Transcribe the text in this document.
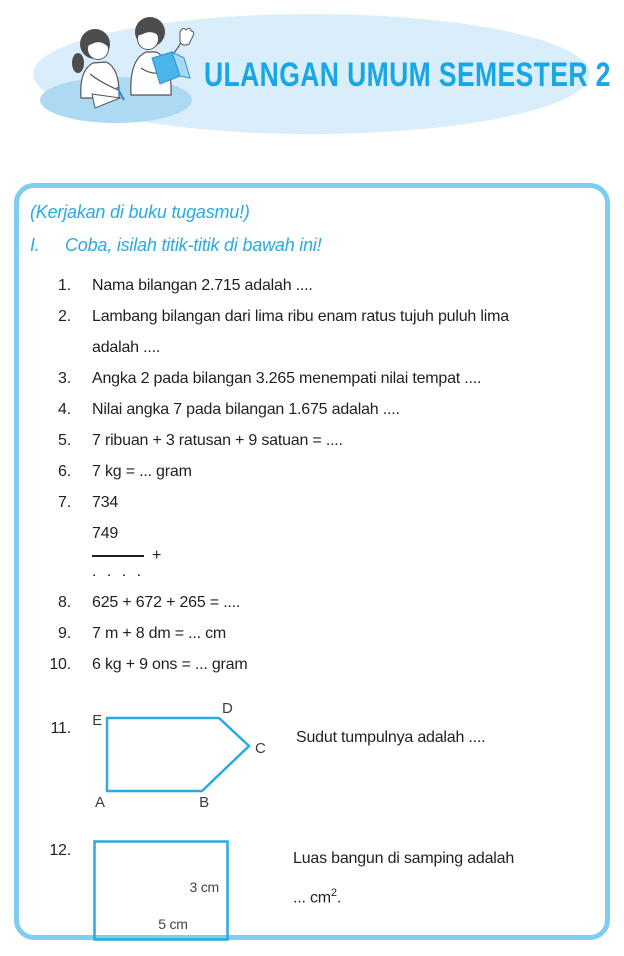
ULANGAN UMUM SEMESTER 2
(Kerjakan di buku tugasmu!)
I.	Coba, isilah titik-titik di bawah ini!
1. Nama bilangan 2.715 adalah ....
2. Lambang bilangan dari lima ribu enam ratus tujuh puluh lima adalah ....
3. Angka 2 pada bilangan 3.265 menempati nilai tempat ....
4. Nilai angka 7 pada bilangan 1.675 adalah ....
5. 7 ribuan + 3 ratusan + 9 satuan = ....
6. 7 kg = ... gram
7. 734
749
+
. . . .
8. 625 + 672 + 265 = ....
9. 7 m + 8 dm = ... cm
10. 6 kg + 9 ons = ... gram
11. E
D
C
B
A
Sudut tumpulnya adalah ....
12.
3 cm
5 cm
Luas bangun di samping adalah
... $cm^2$.
